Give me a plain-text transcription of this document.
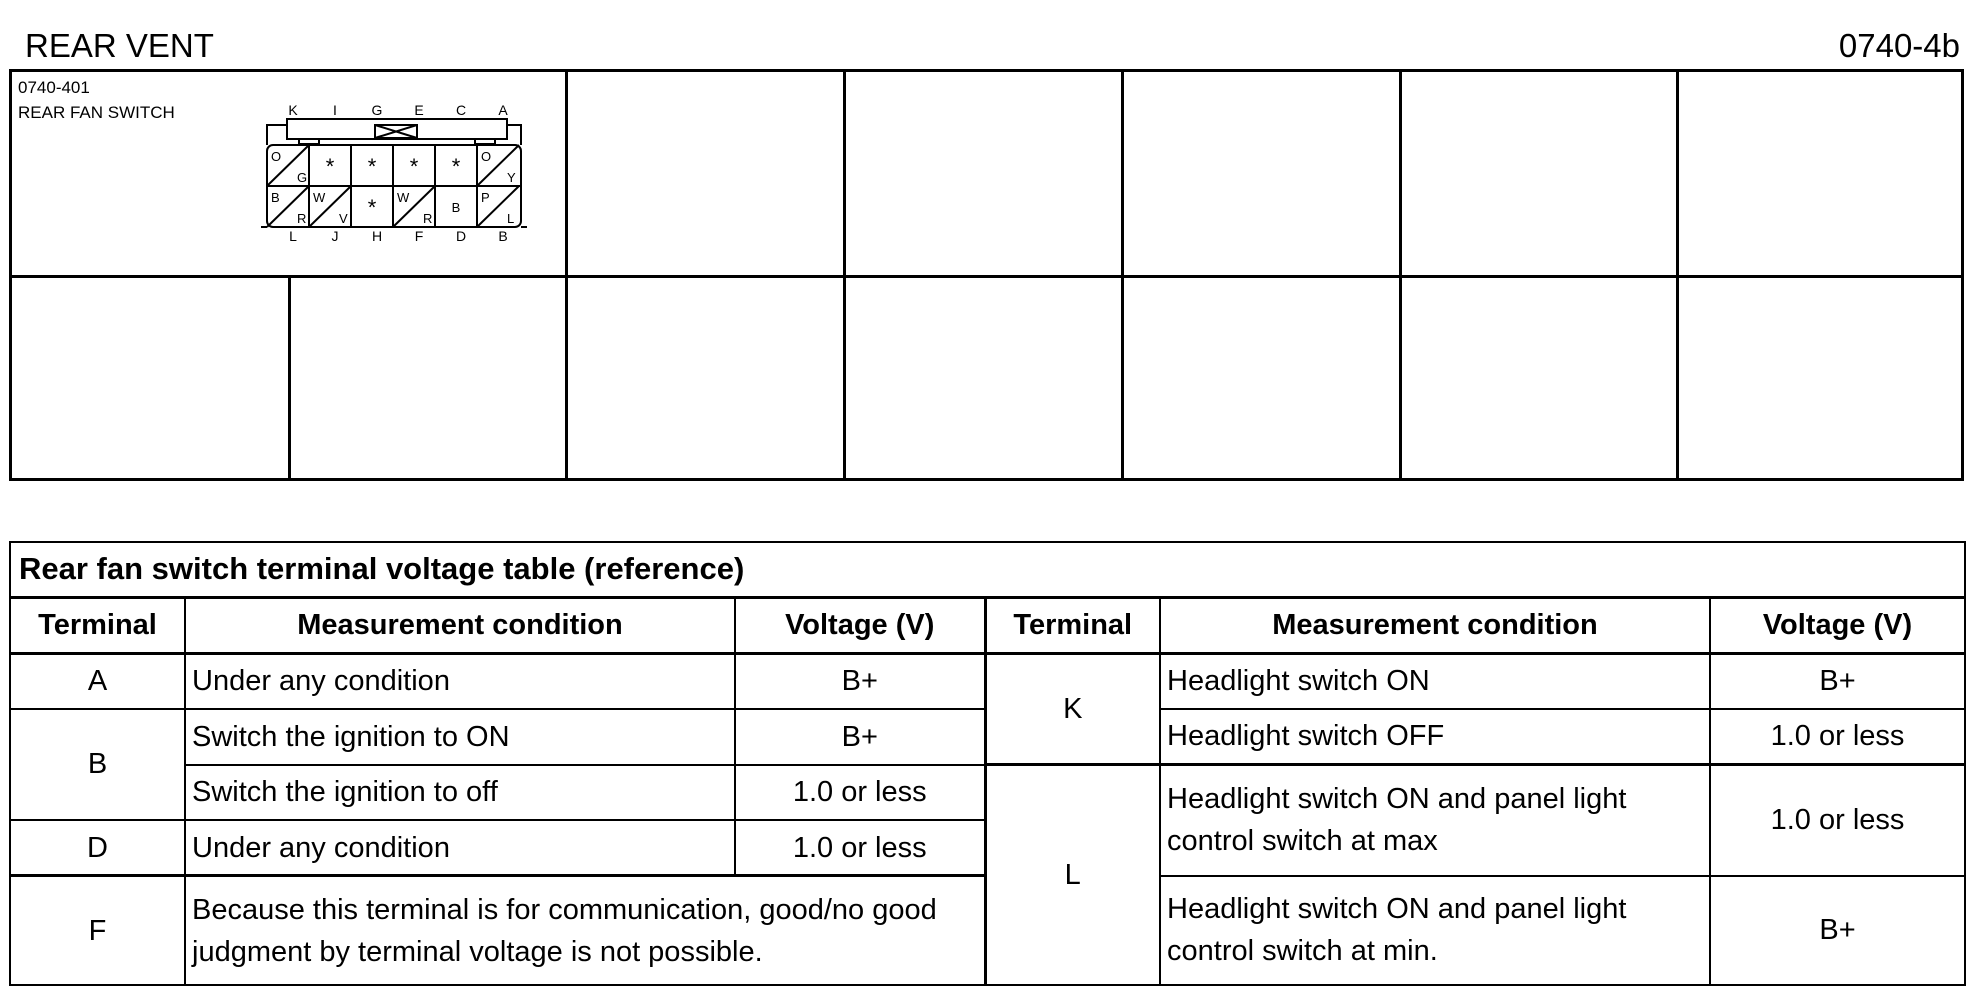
REAR VENT	0740-4b
0740-401
REAR FAN SWITCH	K	I G E C A
L J H F D B
O
G * * * * O
Y
B
R
W
V * W
R
B
P
L
Rear fan switch terminal voltage table (reference)					
Terminal	Measurement condition	Voltage (V)	Terminal	Measurement condition	Voltage (V)
A	Under any condition	B+	K	Headlight switch ON	B+
B	Switch the ignition to ON	B+		Headlight switch OFF	1.0 or less
	Switch the ignition to off	1.0 or less	L	Headlight switch ON and panel light control switch at max	1.0 or less
D	Under any condition	1.0 or less			
F	Because this terminal is for communication, good/no good judgment by terminal voltage is not possible.			Headlight switch ON and panel light control switch at min.	B+
